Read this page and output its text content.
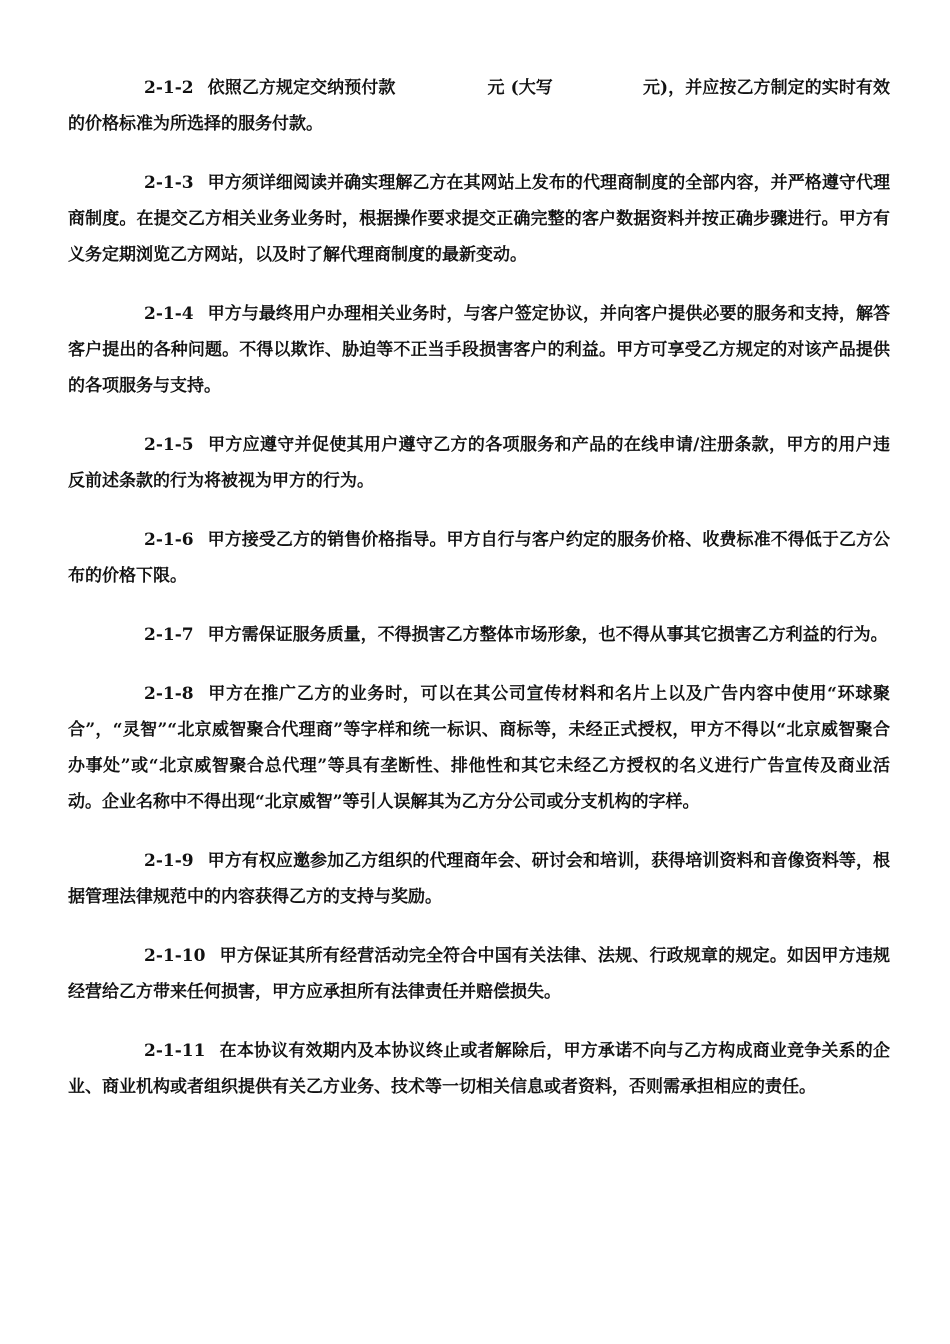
2-1-2 依照乙方规定交纳预付款	元 (大写	元)，并应按乙方制定的实时有效的价格标准为所选择的服务付款。

2-1-3 甲方须详细阅读并确实理解乙方在其网站上发布的代理商制度的全部内容，并严格遵守代理商制度。在提交乙方相关业务业务时，根据操作要求提交正确完整的客户数据资料并按正确步骤进行。甲方有义务定期浏览乙方网站，以及时了解代理商制度的最新变动。

2-1-4 甲方与最终用户办理相关业务时，与客户签定协议，并向客户提供必要的服务和支持，解答客户提出的各种问题。不得以欺诈、胁迫等不正当手段损害客户的利益。甲方可享受乙方规定的对该产品提供的各项服务与支持。

2-1-5 甲方应遵守并促使其用户遵守乙方的各项服务和产品的在线申请/注册条款，甲方的用户违反前述条款的行为将被视为甲方的行为。

2-1-6 甲方接受乙方的销售价格指导。甲方自行与客户约定的服务价格、收费标准不得低于乙方公布的价格下限。

2-1-7 甲方需保证服务质量，不得损害乙方整体市场形象，也不得从事其它损害乙方利益的行为。

2-1-8 甲方在推广乙方的业务时，可以在其公司宣传材料和名片上以及广告内容中使用“环球聚合”，“灵智”“北京威智聚合代理商”等字样和统一标识、商标等，未经正式授权，甲方不得以“北京威智聚合办事处”或“北京威智聚合总代理”等具有垄断性、排他性和其它未经乙方授权的名义进行广告宣传及商业活动。企业名称中不得出现“北京威智”等引人误解其为乙方分公司或分支机构的字样。

2-1-9 甲方有权应邀参加乙方组织的代理商年会、研讨会和培训，获得培训资料和音像资料等，根据管理法律规范中的内容获得乙方的支持与奖励。

2-1-10 甲方保证其所有经营活动完全符合中国有关法律、法规、行政规章的规定。如因甲方违规经营给乙方带来任何损害，甲方应承担所有法律责任并赔偿损失。

2-1-11 在本协议有效期内及本协议终止或者解除后，甲方承诺不向与乙方构成商业竞争关系的企业、商业机构或者组织提供有关乙方业务、技术等一切相关信息或者资料，否则需承担相应的责任。
